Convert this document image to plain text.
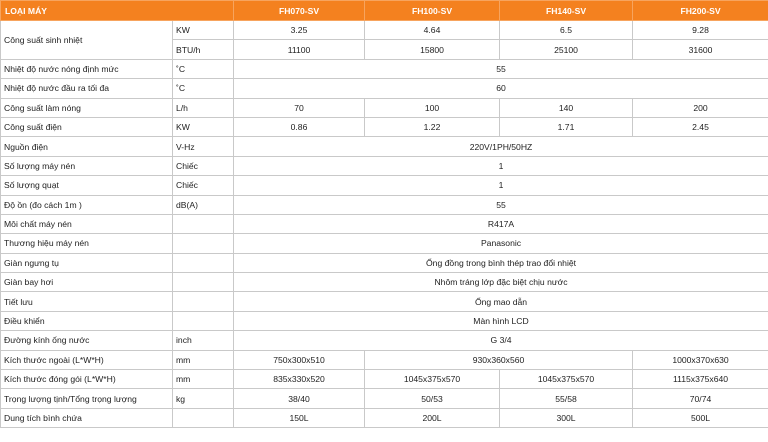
LOẠI MÁY		FH070-SV	FH100-SV	FH140-SV	FH200-SV
Công suất sinh nhiệt	KW	3.25	4.64	6.5	9.28
	BTU/h	11100	15800	25100	31600
Nhiệt độ nước nóng định mức	˚C	55			
Nhiệt độ nước đầu ra tối đa	˚C	60			
Công suất làm nóng	L/h	70	100	140	200
Công suất điện	KW	0.86	1.22	1.71	2.45
Nguồn điện	V-Hz	220V/1PH/50HZ			
Số lượng máy nén	Chiếc	1			
Số lượng quạt	Chiếc	1			
Độ ồn (đo cách 1m )	dB(A)	55			
Môi chất máy nén		R417A			
Thương hiệu máy nén		Panasonic			
Giàn ngưng tụ		Ống đồng trong bình thép trao đổi nhiệt			
Giàn bay hơi		Nhôm tráng lớp đặc biệt chịu nước			
Tiết lưu		Ống mao dẫn			
Điều khiển		Màn hình LCD			
Đường kính ống nước	inch	G 3/4			
Kích thước ngoài (L*W*H)	mm	750x300x510	930x360x560		1000x370x630
Kích thước đóng gói (L*W*H)	mm	835x330x520	1045x375x570	1045x375x570	1115x375x640
Trọng lượng tịnh/Tổng trọng lượng	kg	38/40	50/53	55/58	70/74
Dung tích bình chứa		150L	200L	300L	500L
